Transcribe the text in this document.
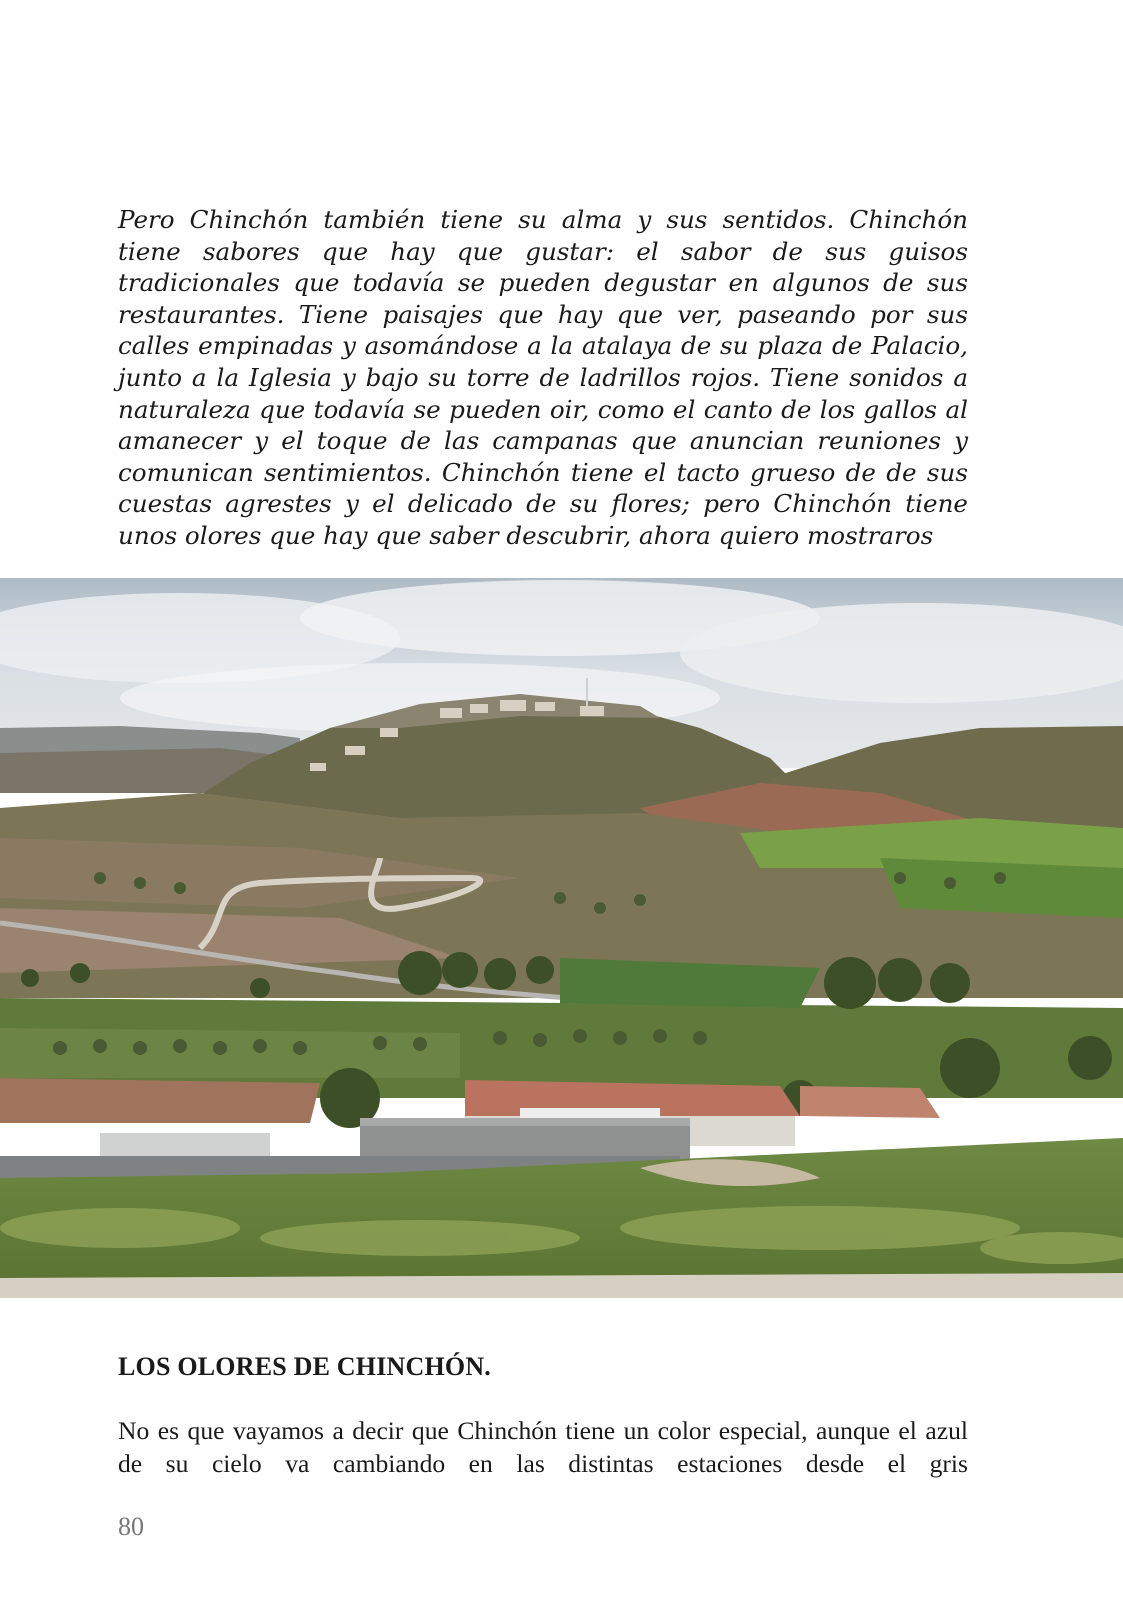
Pero Chinchón también tiene su alma y sus sentidos. Chinchón tiene sabores que hay que gustar: el sabor de sus guisos tradicionales que todavía se pueden degustar en algunos de sus restaurantes. Tiene paisajes que hay que ver, paseando por sus calles empinadas y asomándose a la atalaya de su plaza de Palacio, junto a la Iglesia y bajo su torre de ladrillos rojos. Tiene sonidos a naturaleza que todavía se pueden oir, como el canto de los gallos al amanecer y el toque de las campanas que anuncian reuniones y comunican sentimientos. Chinchón tiene el tacto grueso de de sus cuestas agrestes y el delicado de su flores; pero Chinchón tiene unos olores que hay que saber descubrir, ahora quiero mostraros

LOS OLORES DE CHINCHÓN.

No es que vayamos a decir que Chinchón tiene un color especial, aunque el azul de su cielo va cambiando en las distintas estaciones desde el gris

80
